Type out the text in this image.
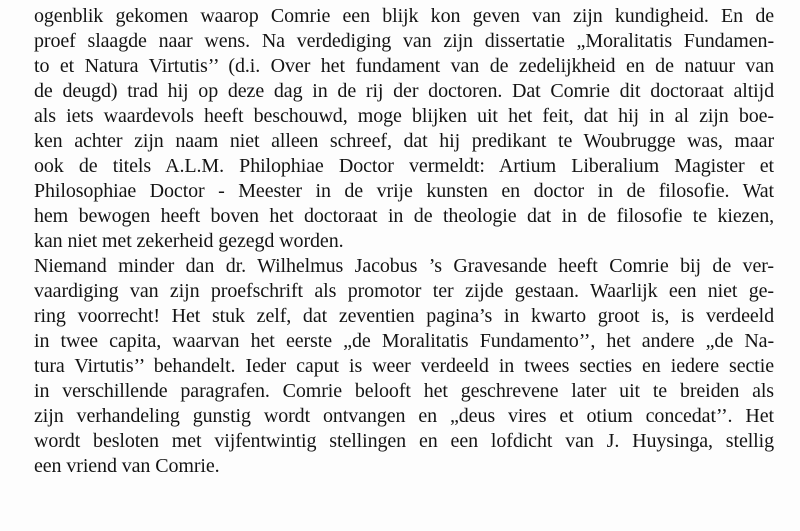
ogenblik gekomen waarop Comrie een blijk kon geven van zijn kundigheid. En de
proef slaagde naar wens. Na verdediging van zijn dissertatie „Moralitatis Fundamen-
to et Natura Virtutis’’ (d.i. Over het fundament van de zedelijkheid en de natuur van
de deugd) trad hij op deze dag in de rij der doctoren. Dat Comrie dit doctoraat altijd
als iets waardevols heeft beschouwd, moge blijken uit het feit, dat hij in al zijn boe-
ken achter zijn naam niet alleen schreef, dat hij predikant te Woubrugge was, maar
ook de titels A.L.M. Philophiae Doctor vermeldt: Artium Liberalium Magister et
Philosophiae Doctor - Meester in de vrije kunsten en doctor in de filosofie. Wat
hem bewogen heeft boven het doctoraat in de theologie dat in de filosofie te kiezen,
kan niet met zekerheid gezegd worden.
Niemand minder dan dr. Wilhelmus Jacobus ’s Gravesande heeft Comrie bij de ver-
vaardiging van zijn proefschrift als promotor ter zijde gestaan. Waarlijk een niet ge-
ring voorrecht! Het stuk zelf, dat zeventien pagina’s in kwarto groot is, is verdeeld
in twee capita, waarvan het eerste „de Moralitatis Fundamento’’, het andere „de Na-
tura Virtutis’’ behandelt. Ieder caput is weer verdeeld in twees secties en iedere sectie
in verschillende paragrafen. Comrie belooft het geschrevene later uit te breiden als
zijn verhandeling gunstig wordt ontvangen en „deus vires et otium concedat’’. Het
wordt besloten met vijfentwintig stellingen en een lofdicht van J. Huysinga, stellig
een vriend van Comrie.
